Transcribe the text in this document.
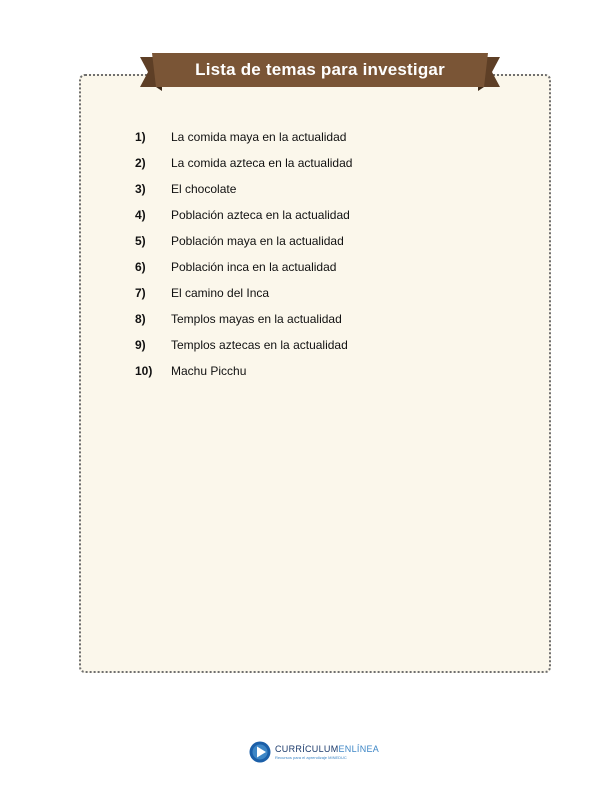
Lista de temas para investigar
1)	La comida maya en la actualidad
2)	La comida azteca en la actualidad
3)	El chocolate
4)	Población azteca en la actualidad
5)	Población maya en la actualidad
6)	Población inca en la actualidad
7)	El camino del Inca
8)	Templos mayas en la actualidad
9)	Templos aztecas en la actualidad
10)	Machu Picchu
CURRÍCULUMENLÍNEA
Recursos para el aprendizaje MINEDUC
